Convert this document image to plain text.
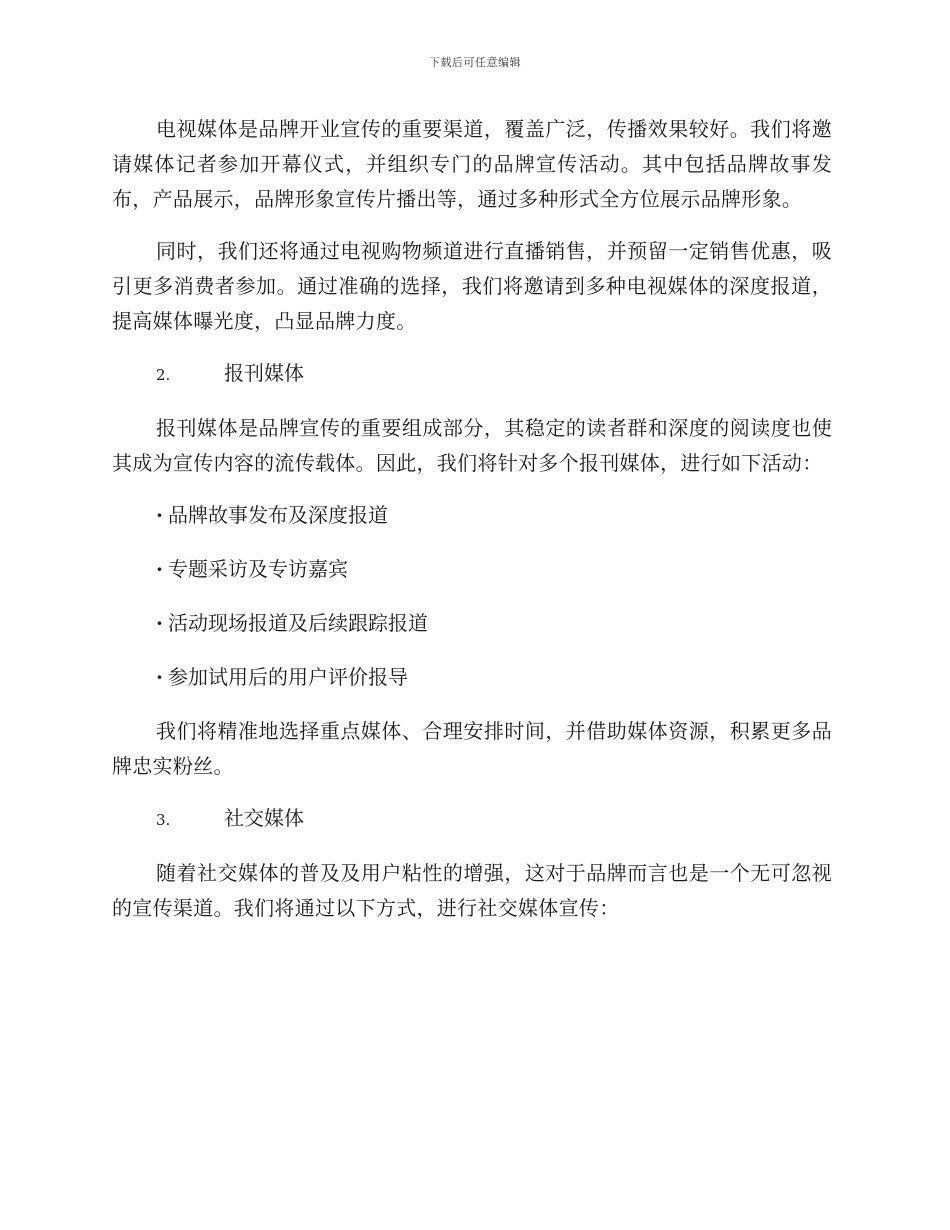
下载后可任意编辑

电视媒体是品牌开业宣传的重要渠道，覆盖广泛，传播效果较好。我们将邀请媒体记者参加开幕仪式，并组织专门的品牌宣传活动。其中包括品牌故事发布，产品展示，品牌形象宣传片播出等，通过多种形式全方位展示品牌形象。

同时，我们还将通过电视购物频道进行直播销售，并预留一定销售优惠，吸引更多消费者参加。通过准确的选择，我们将邀请到多种电视媒体的深度报道，提高媒体曝光度，凸显品牌力度。

2.	报刊媒体

报刊媒体是品牌宣传的重要组成部分，其稳定的读者群和深度的阅读度也使其成为宣传内容的流传载体。因此，我们将针对多个报刊媒体，进行如下活动：

· 品牌故事发布及深度报道
· 专题采访及专访嘉宾
· 活动现场报道及后续跟踪报道
· 参加试用后的用户评价报导

我们将精准地选择重点媒体、合理安排时间，并借助媒体资源，积累更多品牌忠实粉丝。

3.	社交媒体

随着社交媒体的普及及用户粘性的增强，这对于品牌而言也是一个无可忽视的宣传渠道。我们将通过以下方式，进行社交媒体宣传：
